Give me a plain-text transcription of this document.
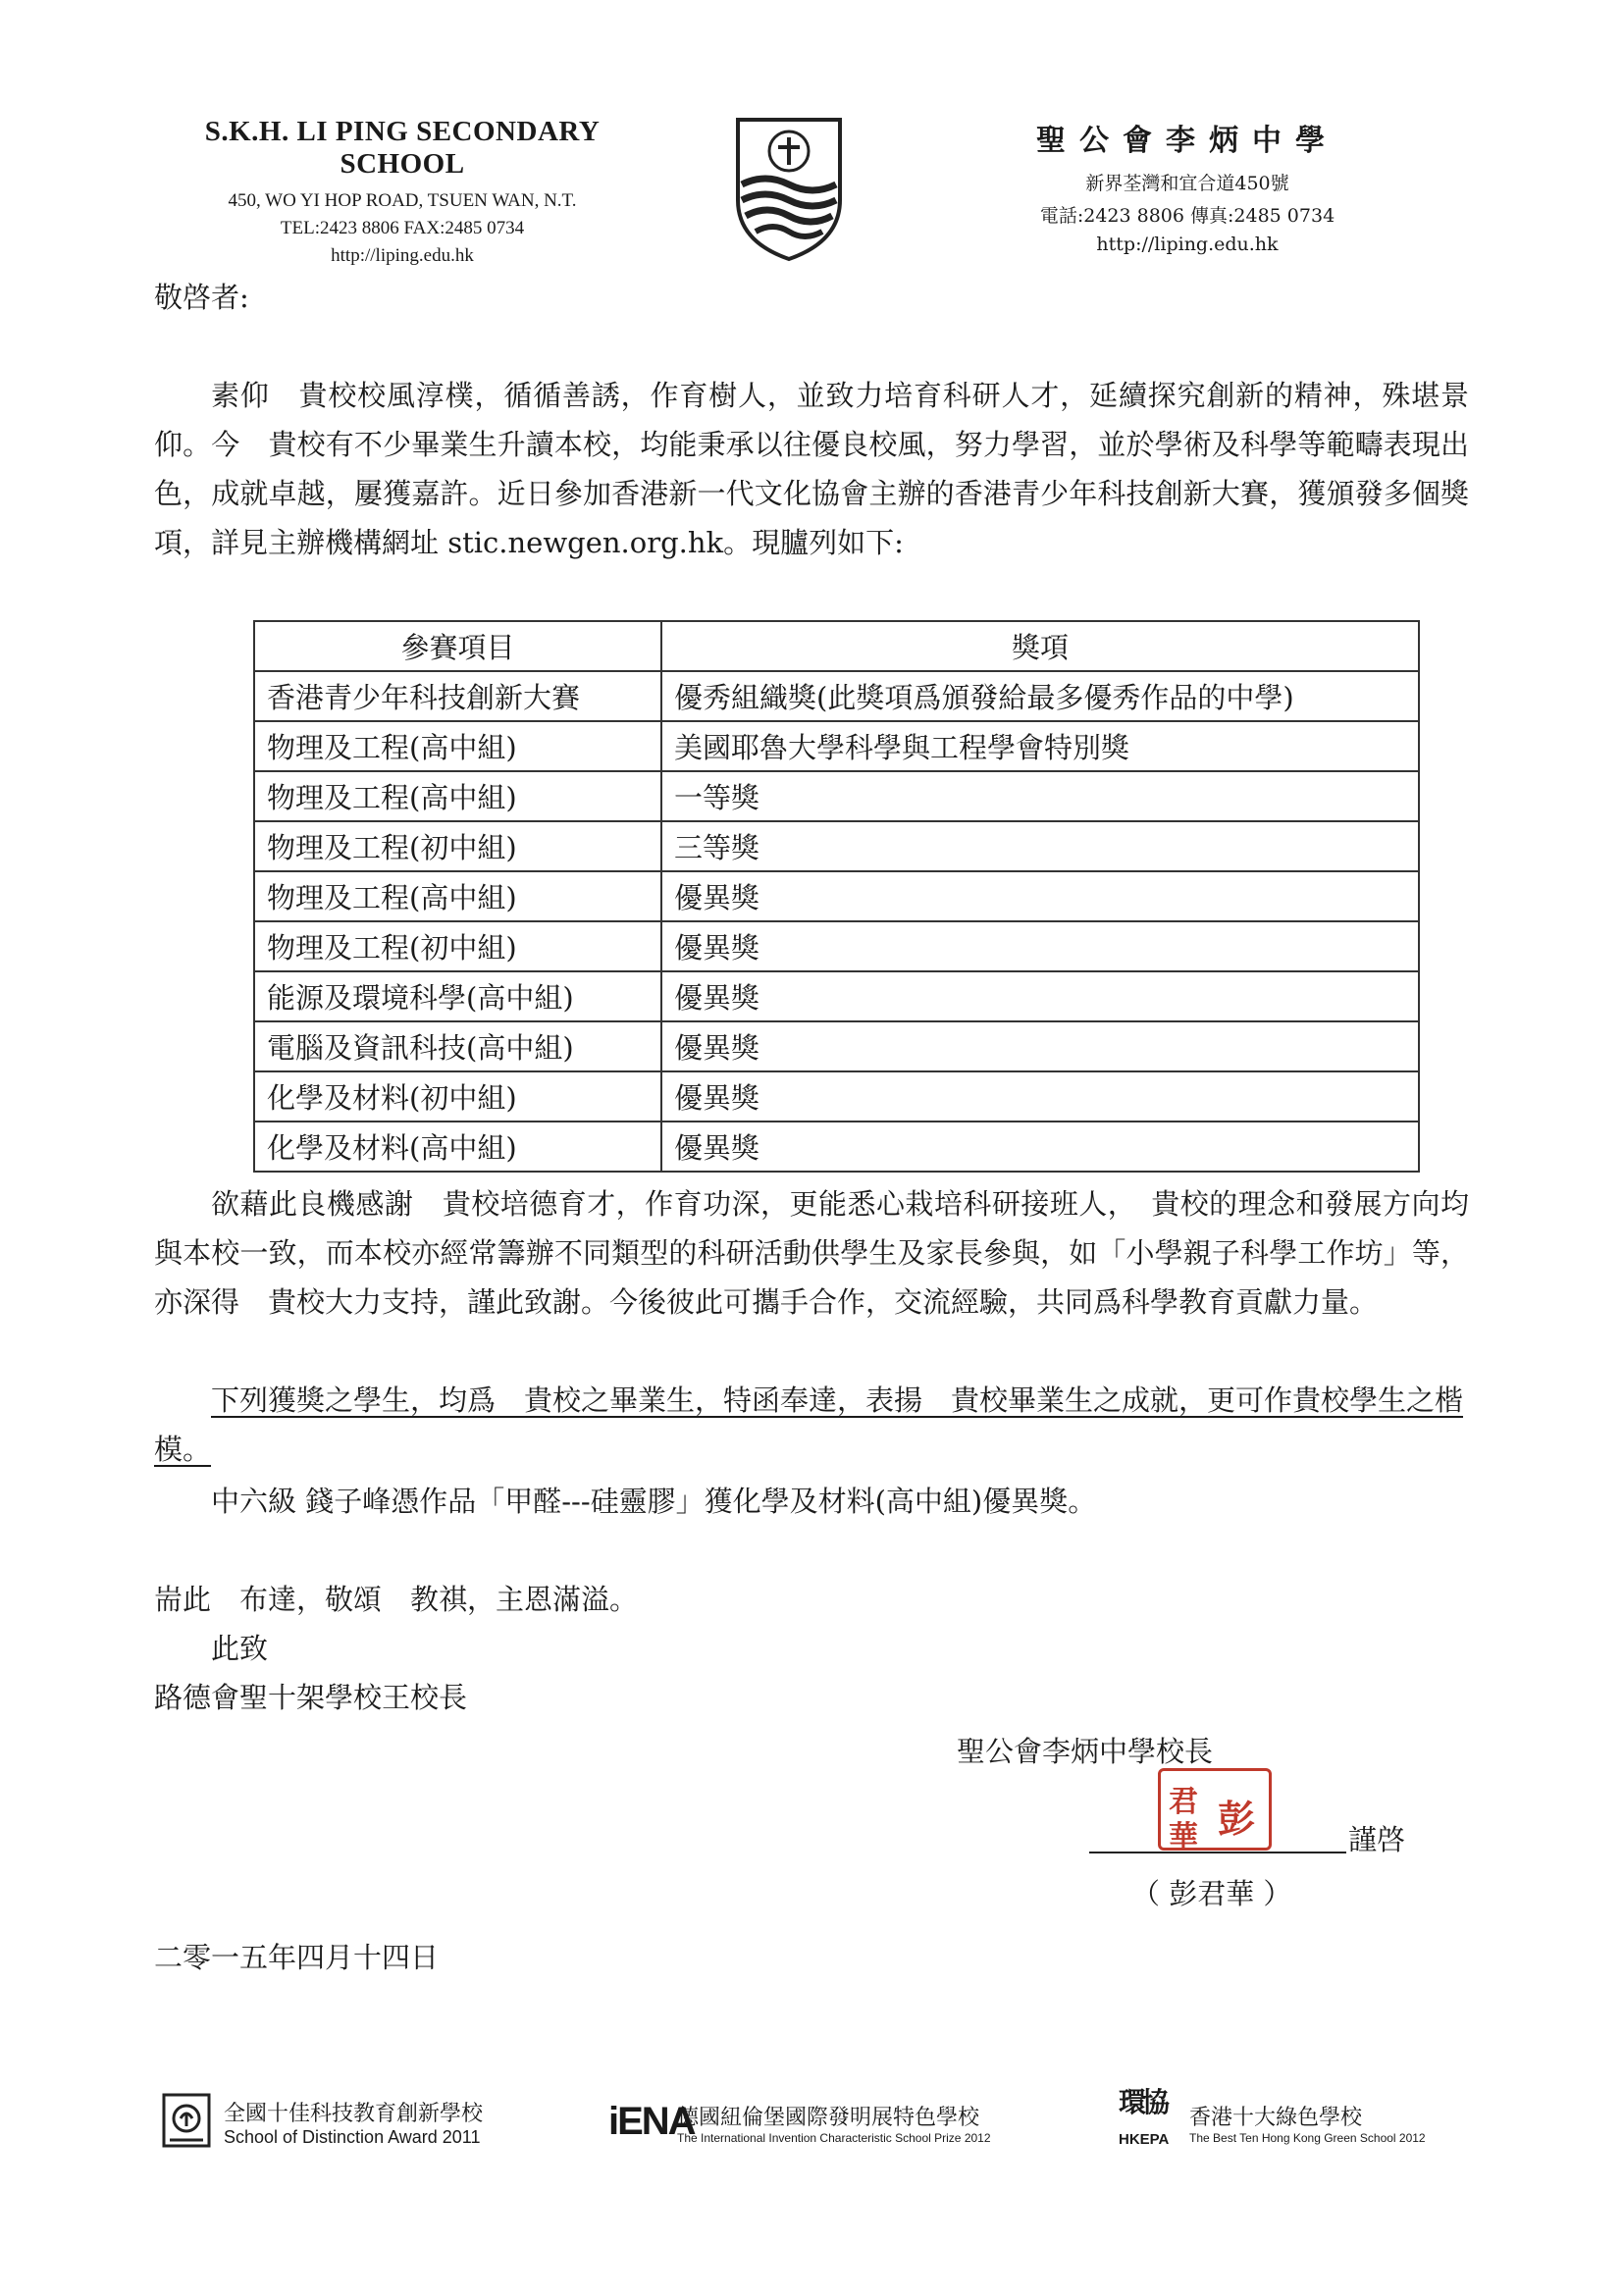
S.K.H. LI PING SECONDARY SCHOOL
450, WO YI HOP ROAD, TSUEN WAN, N.T.
TEL:2423 8806 FAX:2485 0734
http://liping.edu.hk
聖公會李炳中學
新界荃灣和宜合道450號
電話:2423 8806 傳真:2485 0734
http://liping.edu.hk
敬啓者:
素仰　貴校校風淳樸，循循善誘，作育樹人，並致力培育科研人才，延續探究創新的精神，殊堪景仰。今　貴校有不少畢業生升讀本校，均能秉承以往優良校風，努力學習，並於學術及科學等範疇表現出色，成就卓越，屢獲嘉許。近日參加香港新一代文化協會主辦的香港青少年科技創新大賽，獲頒發多個獎項，詳見主辦機構網址 stic.newgen.org.hk。現臚列如下:
參賽項目	獎項
香港青少年科技創新大賽	優秀組織獎(此獎項爲頒發給最多優秀作品的中學)
物理及工程(高中組)	美國耶魯大學科學與工程學會特別獎
物理及工程(高中組)	一等獎
物理及工程(初中組)	三等獎
物理及工程(高中組)	優異獎
物理及工程(初中組)	優異獎
能源及環境科學(高中組)	優異獎
電腦及資訊科技(高中組)	優異獎
化學及材料(初中組)	優異獎
化學及材料(高中組)	優異獎
欲藉此良機感謝　貴校培德育才，作育功深，更能悉心栽培科研接班人，　貴校的理念和發展方向均與本校一致，而本校亦經常籌辦不同類型的科研活動供學生及家長參與，如「小學親子科學工作坊」等，亦深得　貴校大力支持，謹此致謝。今後彼此可攜手合作，交流經驗，共同爲科學教育貢獻力量。
下列獲獎之學生，均爲　貴校之畢業生，特函奉達，表揚　貴校畢業生之成就，更可作貴校學生之楷模。
中六級 錢子峰憑作品「甲醛---硅靈膠」獲化學及材料(高中組)優異獎。
耑此　布達，敬頌　教祺，主恩滿溢。
此致
路德會聖十架學校王校長
聖公會李炳中學校長
君 彭
華	謹啓
（ 彭君華 ）
二零一五年四月十四日
全國十佳科技教育創新學校
School of Distinction Award 2011	iENA
德國紐倫堡國際發明展特色學校
The International Invention Characteristic School Prize 2012
環協
HKEPA
香港十大綠色學校
The Best Ten Hong Kong Green School 2012
